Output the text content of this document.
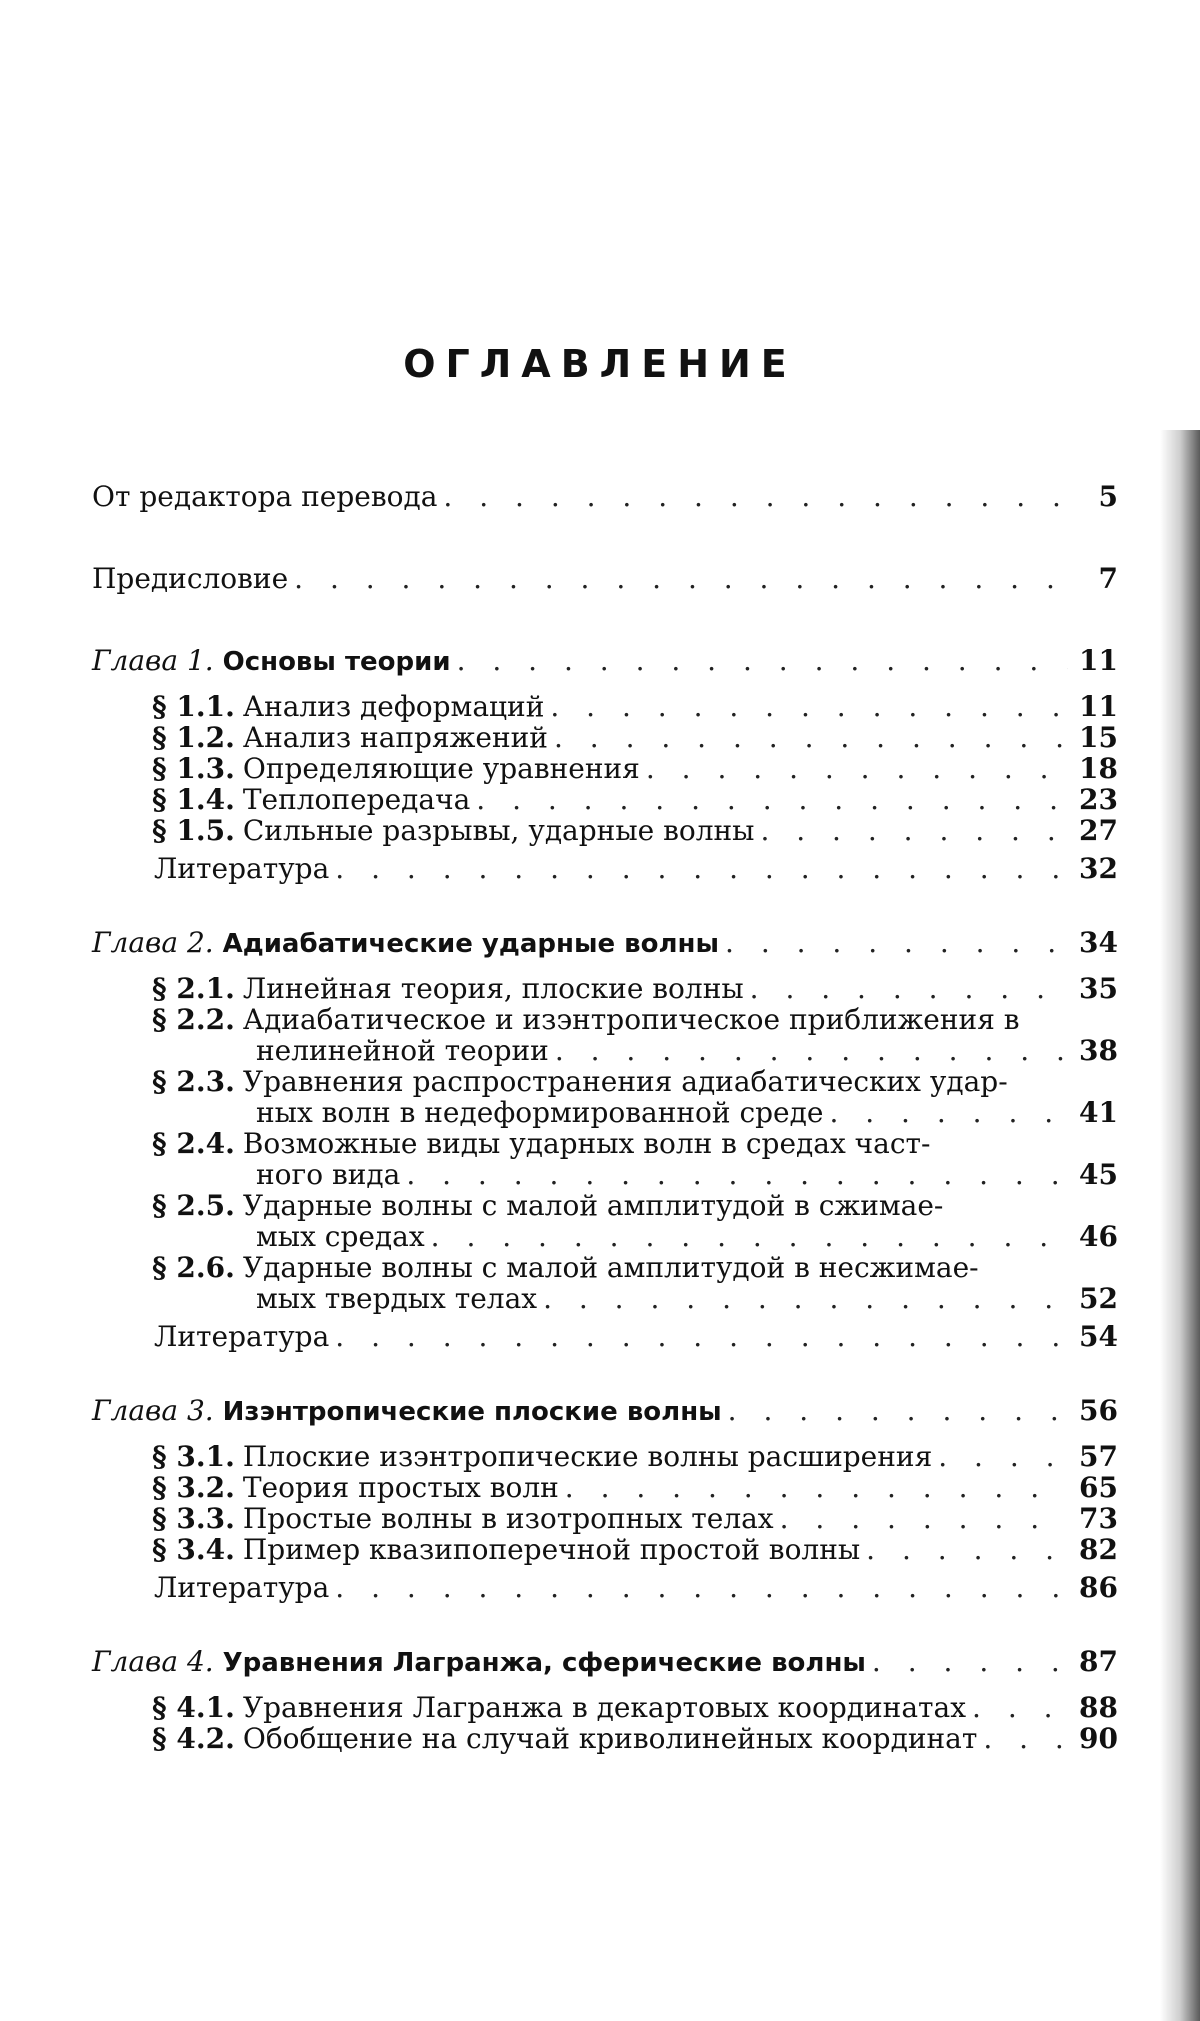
ОГЛАВЛЕНИЕ
От редактора перевода . . .	5
Предисловие . . .	7
Глава 1. Основы теории . . .	11
§ 1.1. Анализ деформаций . . .	11
§ 1.2. Анализ напряжений . . .	15
§ 1.3. Определяющие уравнения . . .	18
§ 1.4. Теплопередача . . .	23
§ 1.5. Сильные разрывы, ударные волны . . .	27
Литература . . .	32
Глава 2. Адиабатические ударные волны . . .	34
§ 2.1. Линейная теория, плоские волны . . .	35
§ 2.2. Адиабатическое и изэнтропическое приближения в
нелинейной теории . . .	38
§ 2.3. Уравнения распространения адиабатических удар-
ных волн в недеформированной среде . . .	41
§ 2.4. Возможные виды ударных волн в средах част-
ного вида . . .	45
§ 2.5. Ударные волны с малой амплитудой в сжимае-
мых средах . . .	46
§ 2.6. Ударные волны с малой амплитудой в несжимае-
мых твердых телах . . .	52
Литература . . .	54
Глава 3. Изэнтропические плоские волны . . .	56
§ 3.1. Плоские изэнтропические волны расширения . . .	57
§ 3.2. Теория простых волн . . .	65
§ 3.3. Простые волны в изотропных телах . . .	73
§ 3.4. Пример квазипоперечной простой волны . . .	82
Литература . . .	86
Глава 4. Уравнения Лагранжа, сферические волны . . .	87
§ 4.1. Уравнения Лагранжа в декартовых координатах . . .	88
§ 4.2. Обобщение на случай криволинейных координат . . .	90
